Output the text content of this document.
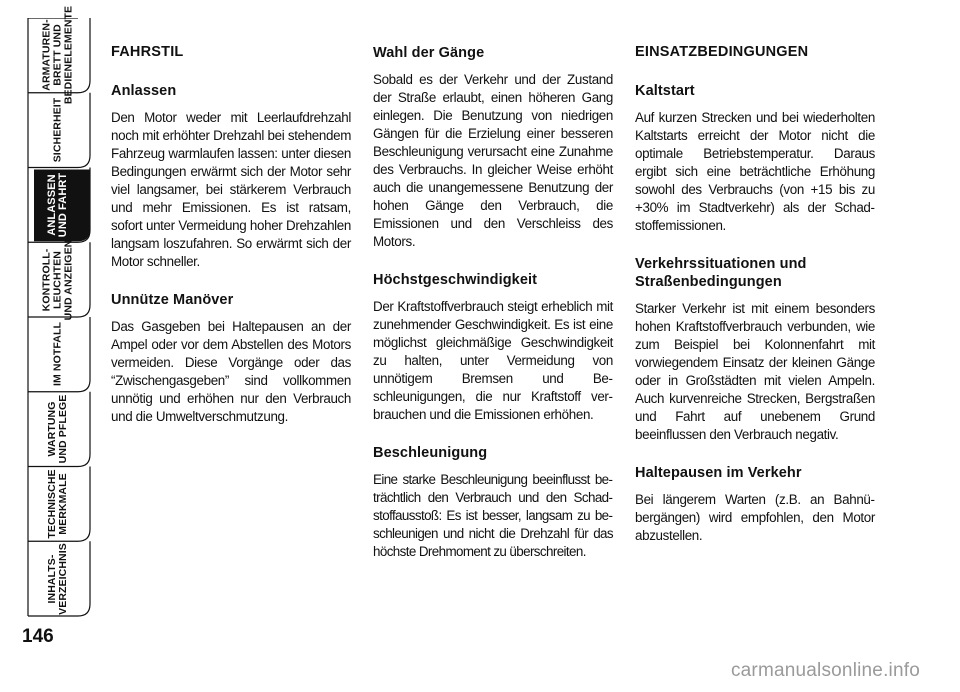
ARMATUREN- BRETT UND BEDIENELEMENTE
SICHERHEIT
ANLASSEN UND FAHRT
KONTROLL- LEUCHTEN UND ANZEIGEN
IM NOTFALL
WARTUNG UND PFLEGE
TECHNISCHE MERKMALE
INHALTS- VERZEICHNIS
146
FAHRSTIL
Anlassen

Den Motor weder mit Leerlaufdrehzahl noch mit erhöhter Drehzahl bei stehendem Fahrzeug warmlaufen lassen: unter diesen Bedingungen erwärmt sich der Motor sehr viel langsamer, bei stärkerem Verbrauch und mehr Emissionen. Es ist ratsam, sofort unter Vermeidung hoher Drehzahlen langsam loszufahren. So erwärmt sich der Motor schneller.

Unnütze Manöver

Das Gasgeben bei Haltepausen an der Ampel oder vor dem Abstellen des Motors vermeiden. Diese Vorgänge oder das “Zwischengasgeben” sind vollkommen unnötig und erhöhen nur den Verbrauch und die Umweltverschmutzung.

Wahl der Gänge

Sobald es der Verkehr und der Zustand der Straße erlaubt, einen höheren Gang einlegen. Die Benutzung von niedrigen Gängen für die Erzielung einer besseren Beschleunigung verursacht eine Zunahme des Verbrauchs. In gleicher Weise erhöht auch die unangemessene Benutzung der hohen Gänge den Verbrauch, die Emissionen und den Verschleiss des Motors.

Höchstgeschwindigkeit

Der Kraftstoffverbrauch steigt erheblich mit zunehmender Geschwindigkeit. Es ist eine möglichst gleichmäßige Geschwindigkeit zu halten, unter Vermeidung von unnötigem Bremsen und Beschleunigungen, die nur Kraftstoff verbrauchen und die Emissionen erhöhen.

Beschleunigung

Eine starke Beschleunigung beeinflusst beträchtlich den Verbrauch und den Schadstoffausstoß: Es ist besser, langsam zu beschleunigen und nicht die Drehzahl für das höchste Drehmoment zu überschreiten.

EINSATZBEDINGUNGEN
Kaltstart

Auf kurzen Strecken und bei wiederholten Kaltstarts erreicht der Motor nicht die optimale Betriebstemperatur. Daraus ergibt sich eine beträchtliche Erhöhung sowohl des Verbrauchs (von +15 bis zu +30% im Stadtverkehr) als der Schadstoffemissionen.

Verkehrssituationen und Straßenbedingungen

Starker Verkehr ist mit einem besonders hohen Kraftstoffverbrauch verbunden, wie zum Beispiel bei Kolonnenfahrt mit vorwiegendem Einsatz der kleinen Gänge oder in Großstädten mit vielen Ampeln. Auch kurvenreiche Strecken, Bergstraßen und Fahrt auf unebenem Grund beeinflussen den Verbrauch negativ.

Haltepausen im Verkehr

Bei längerem Warten (z.B. an Bahnübergängen) wird empfohlen, den Motor abzustellen.

carmanualsonline.info
